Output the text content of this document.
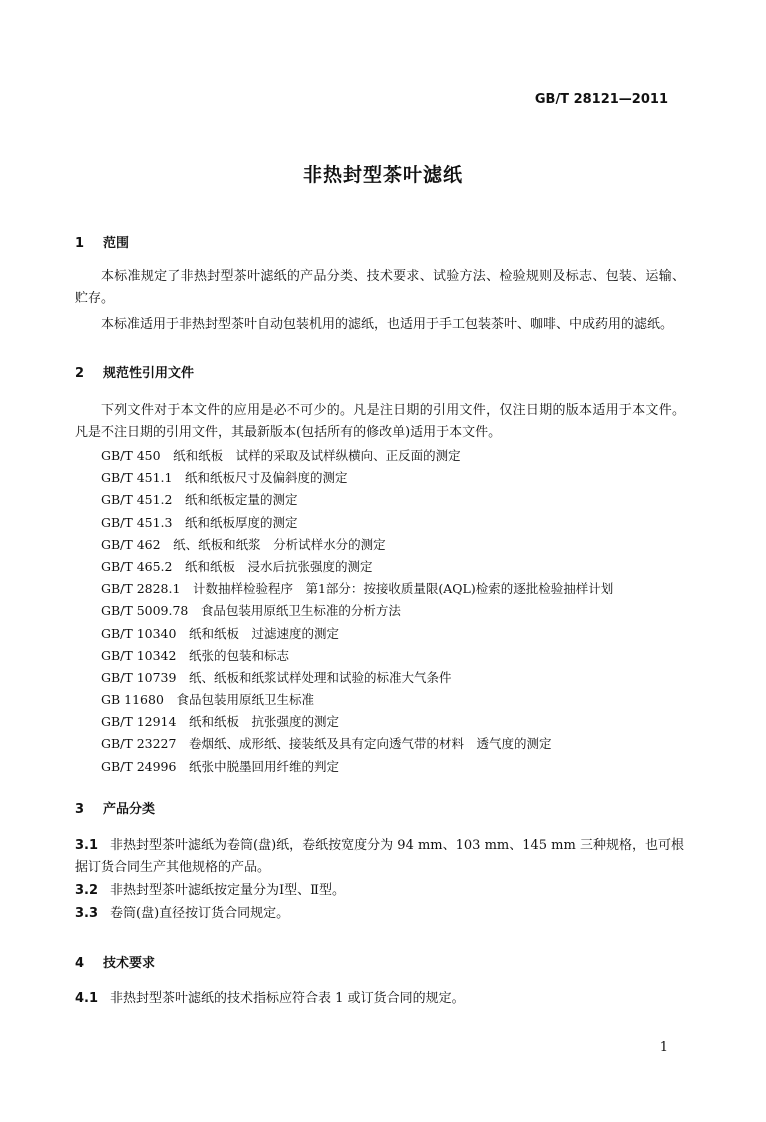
GB/T 28121—2011
非热封型茶叶滤纸
1 范围
本标准规定了非热封型茶叶滤纸的产品分类、技术要求、试验方法、检验规则及标志、包装、运输、贮存。
本标准适用于非热封型茶叶自动包装机用的滤纸，也适用于手工包装茶叶、咖啡、中成药用的滤纸。
2 规范性引用文件
下列文件对于本文件的应用是必不可少的。凡是注日期的引用文件，仅注日期的版本适用于本文件。凡是不注日期的引用文件，其最新版本(包括所有的修改单)适用于本文件。
GB/T 450　 纸和纸板　试样的采取及试样纵横向、正反面的测定
GB/T 451.1　 纸和纸板尺寸及偏斜度的测定
GB/T 451.2　 纸和纸板定量的测定
GB/T 451.3　 纸和纸板厚度的测定
GB/T 462　 纸、纸板和纸浆　分析试样水分的测定
GB/T 465.2　 纸和纸板　浸水后抗张强度的测定
GB/T 2828.1　 计数抽样检验程序　第1部分：按接收质量限(AQL)检索的逐批检验抽样计划
GB/T 5009.78　 食品包装用原纸卫生标准的分析方法
GB/T 10340　 纸和纸板　过滤速度的测定
GB/T 10342　 纸张的包装和标志
GB/T 10739　 纸、纸板和纸浆试样处理和试验的标准大气条件
GB 11680　 食品包装用原纸卫生标准
GB/T 12914　 纸和纸板　抗张强度的测定
GB/T 23227　 卷烟纸、成形纸、接装纸及具有定向透气带的材料　透气度的测定
GB/T 24996　 纸张中脱墨回用纤维的判定
3 产品分类
3.1 非热封型茶叶滤纸为卷筒(盘)纸，卷纸按宽度分为 94 mm、103 mm、145 mm 三种规格，也可根据订货合同生产其他规格的产品。
3.2 非热封型茶叶滤纸按定量分为Ⅰ型、Ⅱ型。
3.3 卷筒(盘)直径按订货合同规定。
4 技术要求
4.1 非热封型茶叶滤纸的技术指标应符合表 1 或订货合同的规定。
1
